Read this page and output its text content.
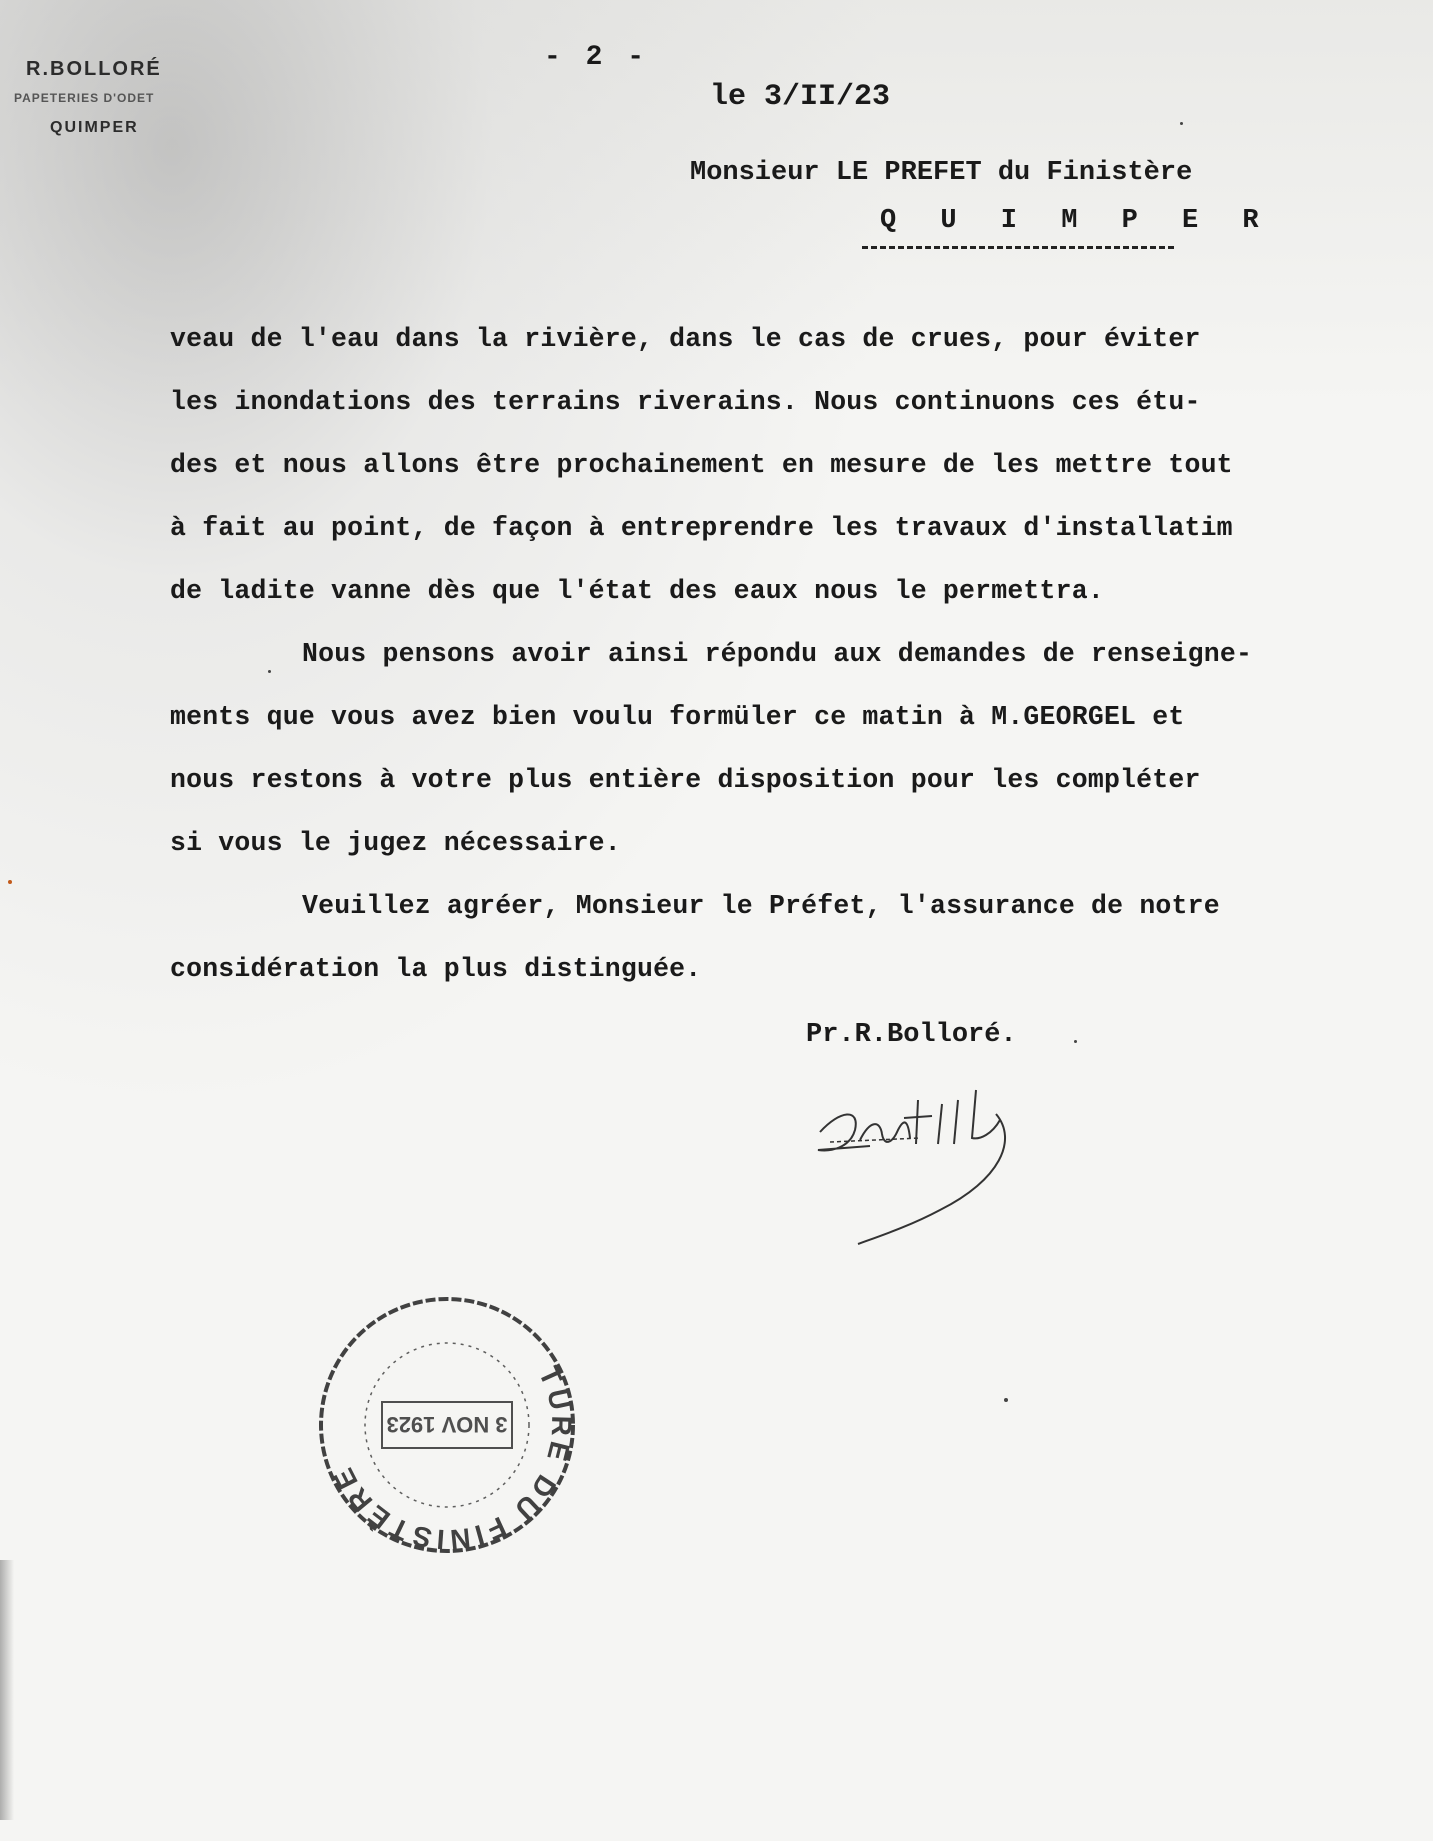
R.BOLLORÉ
PAPETERIES D'ODET
QUIMPER
- 2 -
le 3/II/23
Monsieur LE PREFET du Finistère
Q U I M P E R
veau de l'eau dans la rivière, dans le cas de crues, pour éviter
les inondations des terrains riverains. Nous continuons ces étu-
des et nous allons être prochainement en mesure de les mettre tout
à fait au point, de façon à entreprendre les travaux d'installatim
de ladite vanne dès que l'état des eaux nous le permettra.
Nous pensons avoir ainsi répondu aux demandes de renseigne-
ments que vous avez bien voulu formüler ce matin à M.GEORGEL et
nous restons à votre plus entière disposition pour les compléter
si vous le jugez nécessaire.
Veuillez agréer, Monsieur le Préfet, l'assurance de notre
considération la plus distinguée.
Pr.R.Bolloré.
TURE DU FINISTÈRE
3 NOV 1923
